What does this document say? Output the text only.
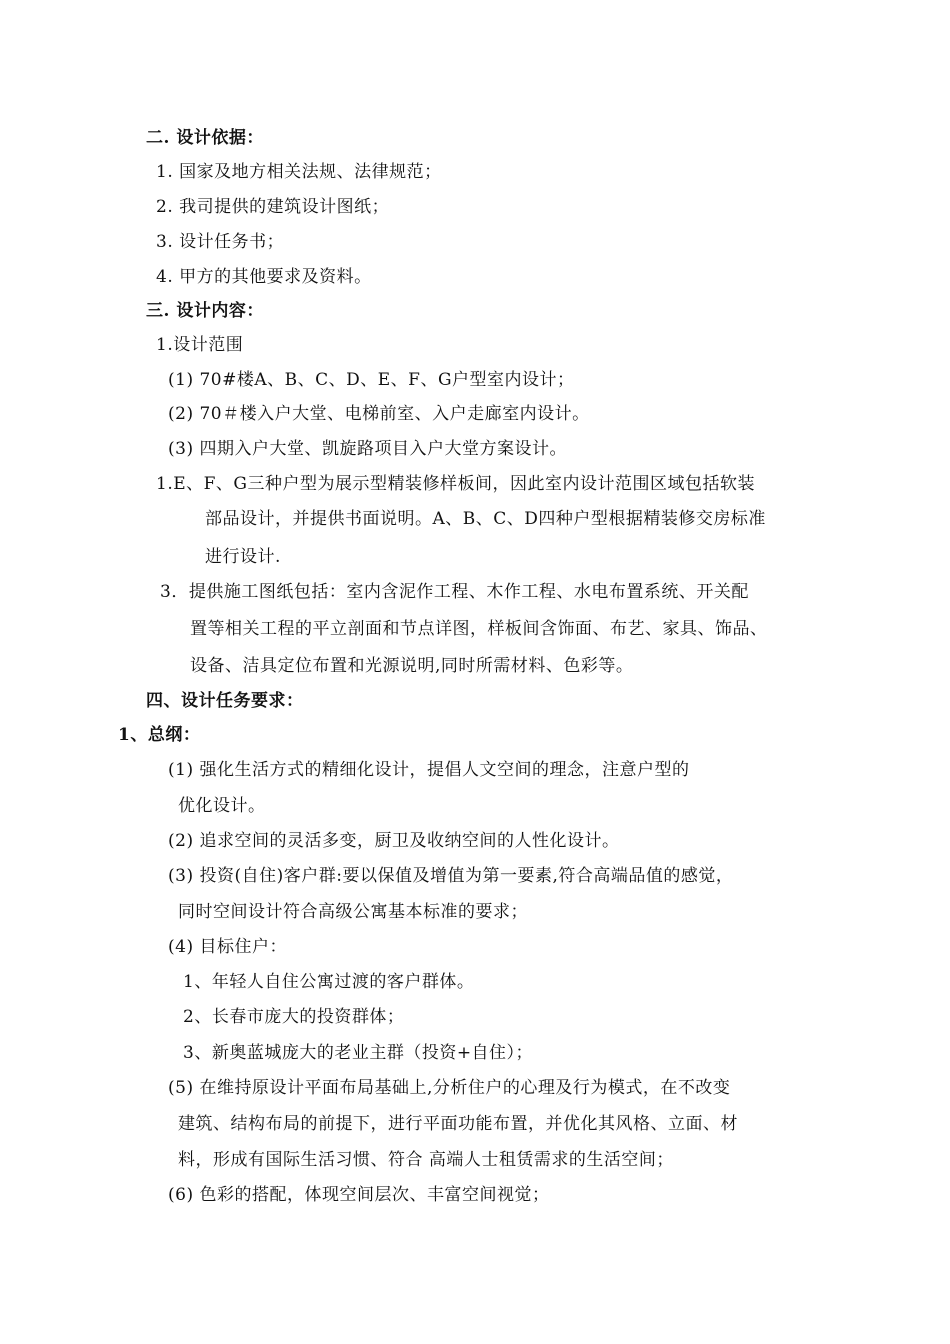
二. 设计依据：
1. 国家及地方相关法规、法律规范；
2. 我司提供的建筑设计图纸；
3. 设计任务书；
4. 甲方的其他要求及资料。
三. 设计内容：
1.设计范围
(1) 70#楼A、B、C、D、E、F、G户型室内设计；
(2) 70＃楼入户大堂、电梯前室、入户走廊室内设计。
(3) 四期入户大堂、凯旋路项目入户大堂方案设计。
1.E、F、G三种户型为展示型精装修样板间，因此室内设计范围区域包括软装
部品设计，并提供书面说明。A、B、C、D四种户型根据精装修交房标准
进行设计.
3．提供施工图纸包括：室内含泥作工程、木作工程、水电布置系统、开关配
置等相关工程的平立剖面和节点详图，样板间含饰面、布艺、家具、饰品、
设备、洁具定位布置和光源说明,同时所需材料、色彩等。
四、设计任务要求：
1、总纲：
(1) 强化生活方式的精细化设计，提倡人文空间的理念，注意户型的
优化设计。
(2) 追求空间的灵活多变，厨卫及收纳空间的人性化设计。
(3) 投资(自住)客户群:要以保值及增值为第一要素,符合高端品值的感觉，
同时空间设计符合高级公寓基本标准的要求；
(4) 目标住户：
1、年轻人自住公寓过渡的客户群体。
2、长春市庞大的投资群体；
3、新奥蓝城庞大的老业主群（投资+自住）；
(5) 在维持原设计平面布局基础上,分析住户的心理及行为模式，在不改变
建筑、结构布局的前提下，进行平面功能布置，并优化其风格、立面、材
料，形成有国际生活习惯、符合 高端人士租赁需求的生活空间；
(6) 色彩的搭配，体现空间层次、丰富空间视觉；
